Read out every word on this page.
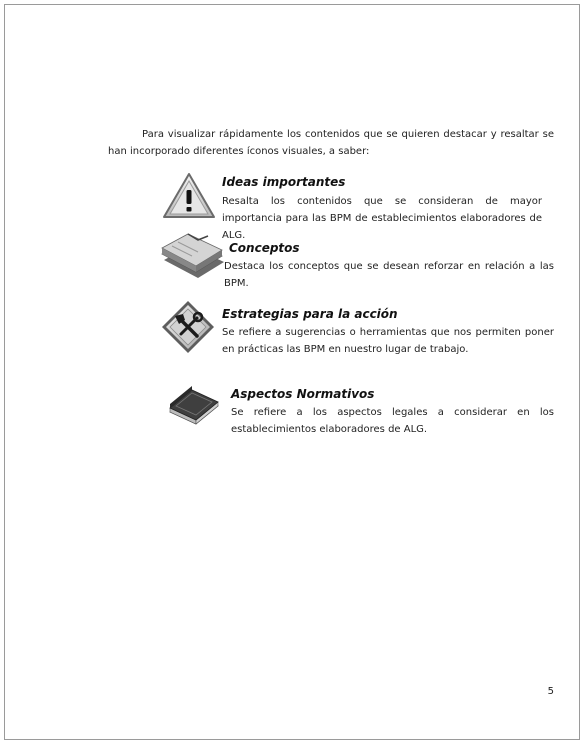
Para visualizar rápidamente los contenidos que se quieren destacar y resaltar se han incorporado diferentes íconos visuales, a saber:

Ideas importantes
Resalta los contenidos que se consideran de mayor importancia para las BPM de establecimientos elaboradores de ALG.
Conceptos
Destaca los conceptos que se desean reforzar en relación a las BPM.
Estrategias para la acción
Se refiere a sugerencias o herramientas que nos permiten poner en prácticas las BPM en nuestro lugar de trabajo.
Aspectos Normativos
Se refiere a los aspectos legales a considerar en los establecimientos elaboradores de ALG.
5
